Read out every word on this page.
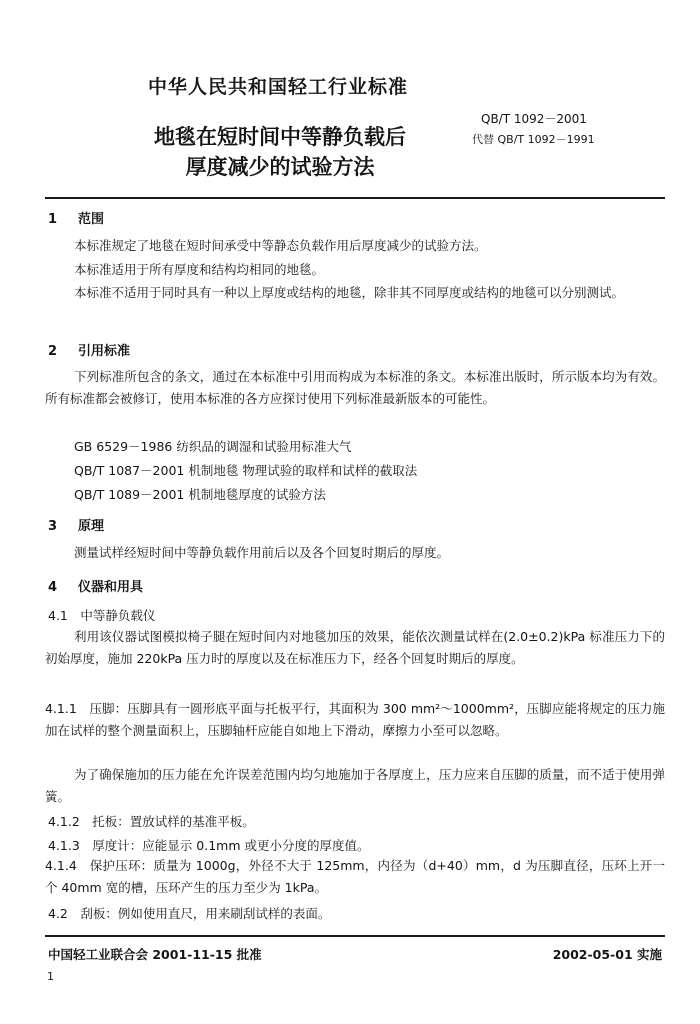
中华人民共和国轻工行业标准
QB/T 1092－2001
代替 QB/T 1092－1991
地毯在短时间中等静负载后
厚度减少的试验方法
1 范围
本标准规定了地毯在短时间承受中等静态负载作用后厚度减少的试验方法。
本标准适用于所有厚度和结构均相同的地毯。
本标准不适用于同时具有一种以上厚度或结构的地毯，除非其不同厚度或结构的地毯可以分别测试。
2 引用标准
下列标准所包含的条文，通过在本标准中引用而构成为本标准的条文。本标准出版时，所示版本均为有效。所有标准都会被修订，使用本标准的各方应探讨使用下列标准最新版本的可能性。
GB 6529－1986 纺织品的调湿和试验用标准大气
QB/T 1087－2001 机制地毯 物理试验的取样和试样的截取法
QB/T 1089－2001 机制地毯厚度的试验方法
3 原理
测量试样经短时间中等静负载作用前后以及各个回复时期后的厚度。
4 仪器和用具
4.1　中等静负载仪
利用该仪器试图模拟椅子腿在短时间内对地毯加压的效果，能依次测量试样在(2.0±0.2)kPa 标准压力下的初始厚度，施加 220kPa 压力时的厚度以及在标准压力下，经各个回复时期后的厚度。
4.1.1　压脚：压脚具有一圆形底平面与托板平行，其面积为 300 mm²～1000mm²，压脚应能将规定的压力施加在试样的整个测量面积上，压脚轴杆应能自如地上下滑动，摩擦力小至可以忽略。
为了确保施加的压力能在允许误差范围内均匀地施加于各厚度上，压力应来自压脚的质量，而不适于使用弹簧。
4.1.2　托板：置放试样的基准平板。
4.1.3　厚度计：应能显示 0.1mm 或更小分度的厚度值。
4.1.4　保护压环：质量为 1000g，外径不大于 125mm，内径为（d+40）mm，d 为压脚直径，压环上开一个 40mm 宽的槽，压环产生的压力至少为 1kPa。
4.2　刮板：例如使用直尺，用来刷刮试样的表面。
中国轻工业联合会 2001-11-15 批准	2002-05-01 实施
1
